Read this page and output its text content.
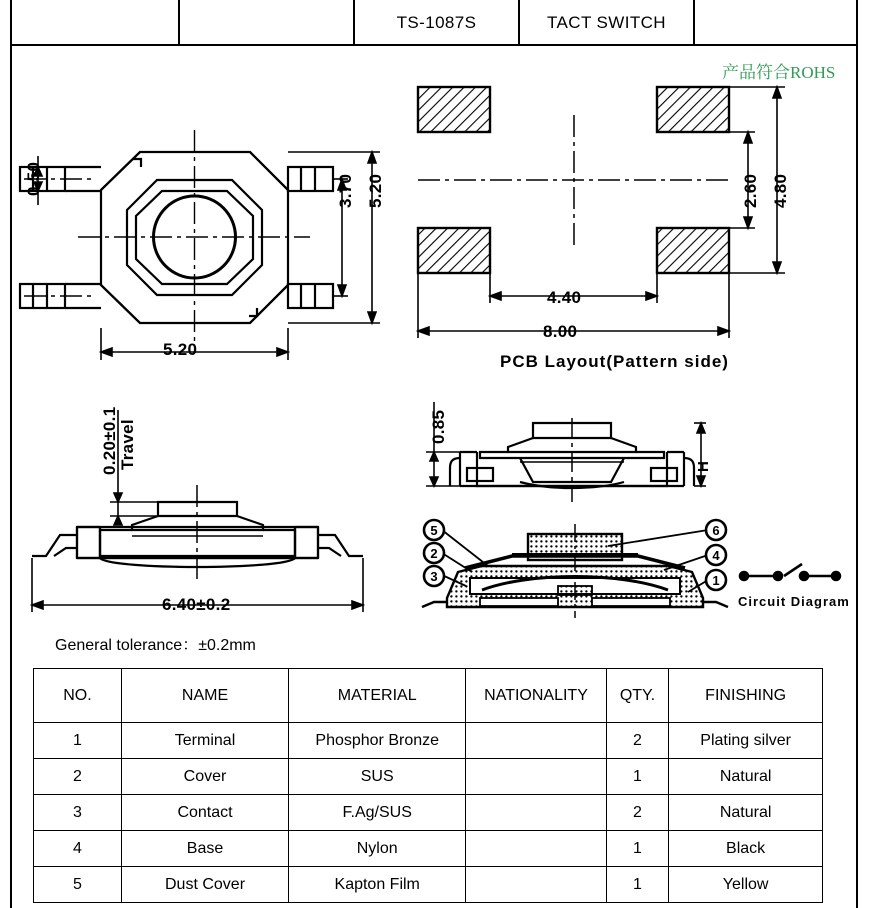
TS-1087S	TACT SWITCH
产品符合ROHS
0.50
5.20
3.70 5.20	2.60 4.80
4.40
8.00
PCB Layout(Pattern side)
0.20±0.1 Travel
6.40±0.2
0.85
H
5
2
3
6
4
1
Circuit Diagram
General tolerance：±0.2mm
NO.	NAME	MATERIAL	NATIONALITY	QTY.	FINISHING
1	Terminal	Phosphor Bronze		2	Plating silver
2	Cover	SUS		1	Natural
3	Contact	F.Ag/SUS		2	Natural
4	Base	Nylon		1	Black
5	Dust Cover	Kapton Film		1	Yellow
